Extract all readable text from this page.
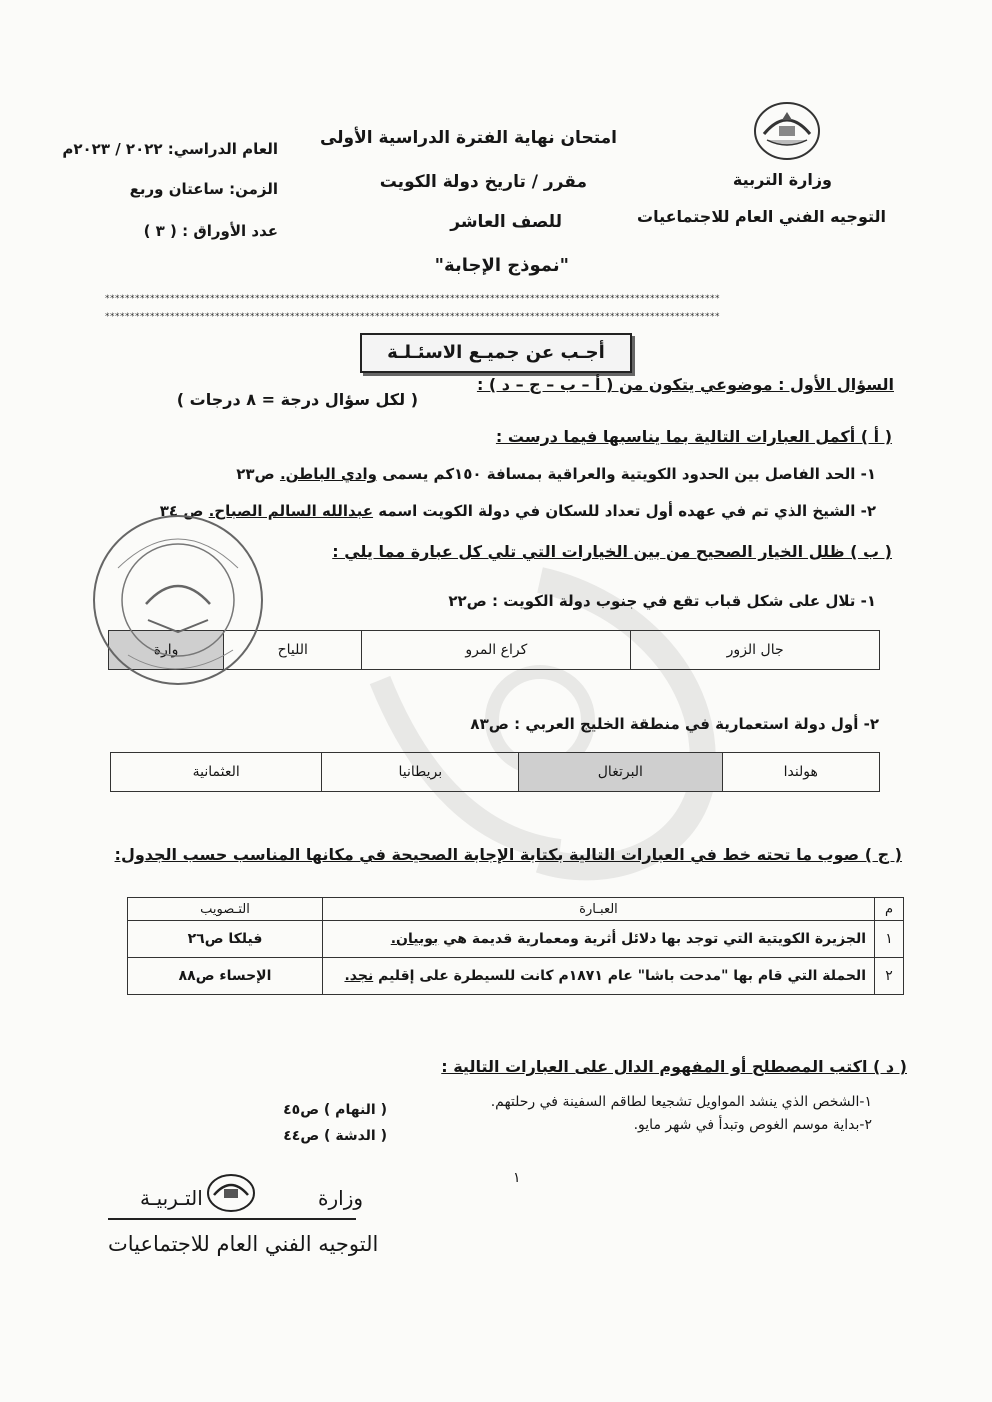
وزارة التربية
التوجيه الفني العام للاجتماعيات
امتحان نهاية الفترة الدراسية الأولى
مقرر / تاريخ دولة الكويت
للصف العاشر
"نموذج الإجابة"
العام الدراسي: ٢٠٢٢ / ٢٠٢٣م
الزمن: ساعتان وربع
عدد الأوراق : ( ٣ )
***************************************************************************************************************************
***************************************************************************************************************************
أجـب عن جميـع الاسئـلـة
السؤال الأول : موضوعي يتكون من ( أ – ب – ج – د ) :
( لكل سؤال درجة = ٨ درجات )
( أ ) أكمل العبارات التالية بما يناسبها فيما درست :
١- الحد الفاصل بين الحدود الكويتية والعراقية بمسافة ١٥٠كم يسمى وادي الباطن. ص٢٣
٢- الشيخ الذي تم في عهده أول تعداد للسكان في دولة الكويت اسمه عبدالله السالم الصباح. ص ٣٤
( ب ) ظلل الخيار الصحيح من بين الخيارات التي تلي كل عبارة مما يلي :
١- تلال على شكل قباب تقع في جنوب دولة الكويت : ص٢٢
جال الزور	كراع المرو	اللياح	وارة
٢- أول دولة استعمارية في منطقة الخليج العربي : ص٨٣
هولندا	البرتغال	بريطانيا	العثمانية
( ج ) صوب ما تحته خط في العبارات التالية بكتابة الإجابة الصحيحة في مكانها المناسب حسب الجدول:
م	العبـارة	التـصويب
١	الجزيرة الكويتية التي توجد بها دلائل أثرية ومعمارية قديمة هي بوبيان.	فيلكا ص٢٦
٢	الحملة التي قام بها "مدحت باشا" عام ١٨٧١م كانت للسيطرة على إقليم نجد.	الإحساء ص٨٨
( د ) اكتب المصطلح أو المفهوم الدال على العبارات التالية :
١-الشخص الذي ينشد المواويل تشجيعا لطاقم السفينة في رحلتهم.
٢-بداية موسم الغوص وتبدأ في شهر مايو.
( النهام ) ص٤٥
( الدشة ) ص٤٤
١
وزارة
التـربيـة
التوجيه الفني العام للاجتماعيات
